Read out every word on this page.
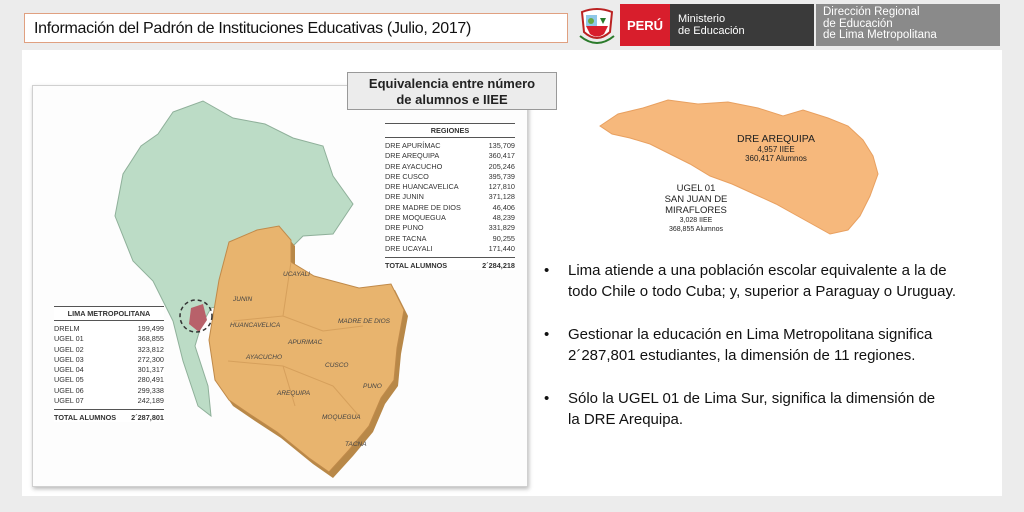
Información del Padrón de Instituciones Educativas (Julio, 2017)	PERÚ	Ministerio
de Educación
Dirección Regional
de Educación
de Lima Metropolitana
UCAYALI
JUNIN
HUANCAVELICA
APURIMAC
MADRE DE DIOS
AYACUCHO
CUSCO
PUNO
AREQUIPA
MOQUEGUA
TACNA
Equivalencia entre número
de alumnos e IIEE
REGIONES
DRE APURÍMAC	135,709
DRE AREQUIPA	360,417
DRE AYACUCHO	205,246
DRE CUSCO	395,739
DRE HUANCAVELICA	127,810
DRE JUNIN	371,128
DRE MADRE DE DIOS	46,406
DRE MOQUEGUA	48,239
DRE PUNO	331,829
DRE TACNA	90,255
DRE UCAYALI	171,440
TOTAL ALUMNOS	2´284,218
LIMA METROPOLITANA
DRELM	199,499
UGEL 01	368,855
UGEL 02	323,812
UGEL 03	272,300
UGEL 04	301,317
UGEL 05	280,491
UGEL 06	299,338
UGEL 07	242,189
TOTAL ALUMNOS 2´287,801
DRE AREQUIPA
4,957 IIEE
360,417 Alumnos
UGEL 01
SAN JUAN DE
MIRAFLORES
3,028 IIEE
368,855 Alumnos
• Lima atiende a una población escolar equivalente a la de
todo Chile o todo Cuba; y, superior a Paraguay o Uruguay.
• Gestionar la educación en Lima Metropolitana significa
2´287,801 estudiantes, la dimensión de 11 regiones.
• Sólo la UGEL 01 de Lima Sur, significa la dimensión de
la DRE Arequipa.
